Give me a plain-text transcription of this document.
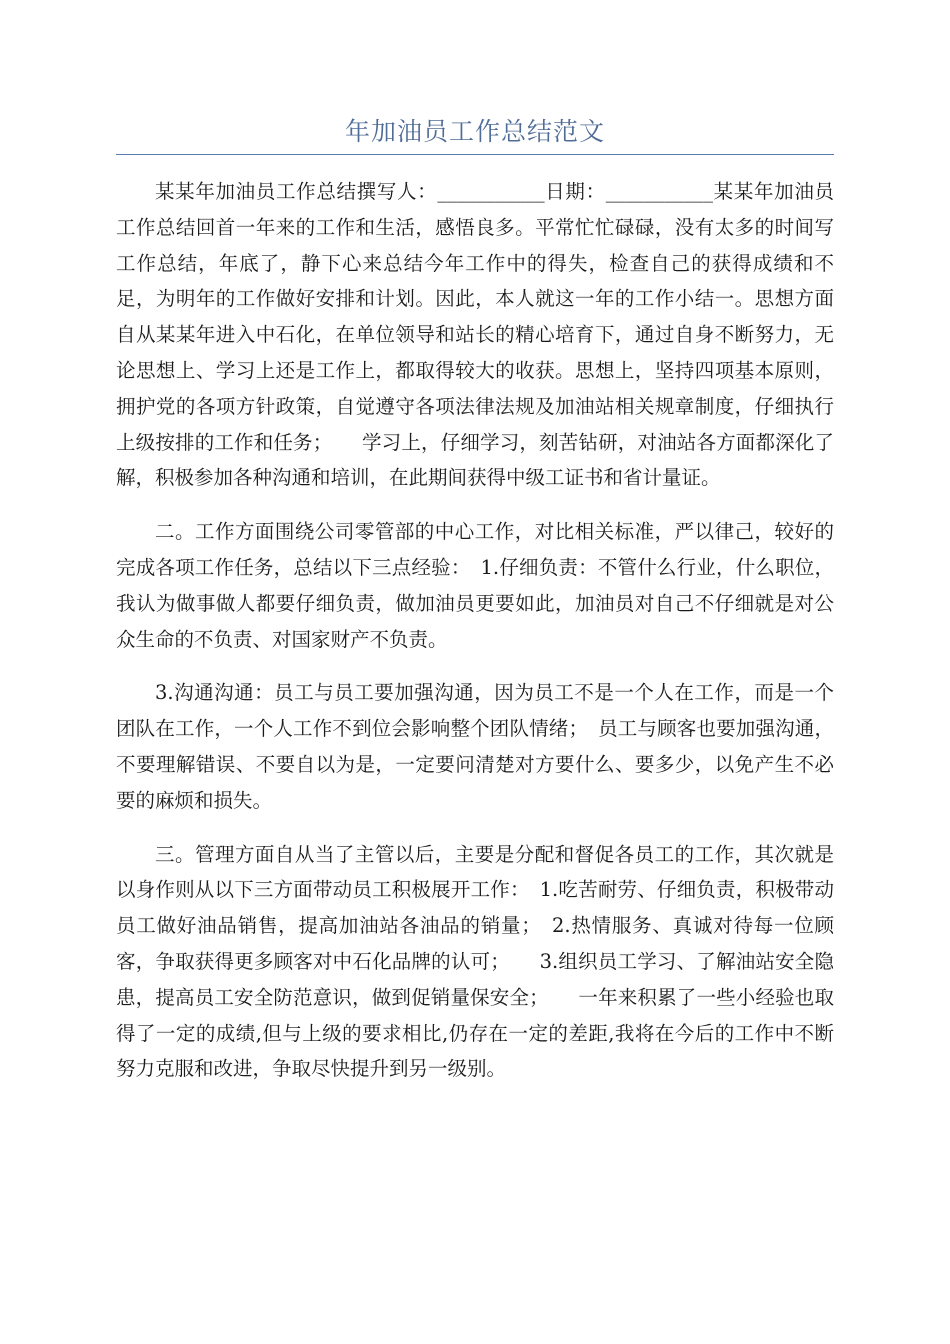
年加油员工作总结范文

某某年加油员工作总结撰写人：___________日期：___________某某年加油员工作总结回首一年来的工作和生活，感悟良多。平常忙忙碌碌，没有太多的时间写工作总结，年底了，静下心来总结今年工作中的得失，检查自己的获得成绩和不足，为明年的工作做好安排和计划。因此，本人就这一年的工作小结一。思想方面自从某某年进入中石化，在单位领导和站长的精心培育下，通过自身不断努力，无论思想上、学习上还是工作上，都取得较大的收获。思想上，坚持四项基本原则，拥护党的各项方针政策，自觉遵守各项法律法规及加油站相关规章制度，仔细执行上级按排的工作和任务；　　学习上，仔细学习，刻苦钻研，对油站各方面都深化了解，积极参加各种沟通和培训，在此期间获得中级工证书和省计量证。

二。工作方面围绕公司零管部的中心工作，对比相关标准，严以律己，较好的完成各项工作任务，总结以下三点经验：　1.仔细负责：不管什么行业，什么职位，我认为做事做人都要仔细负责，做加油员更要如此，加油员对自己不仔细就是对公众生命的不负责、对国家财产不负责。

3.沟通沟通：员工与员工要加强沟通，因为员工不是一个人在工作，而是一个团队在工作，一个人工作不到位会影响整个团队情绪；　员工与顾客也要加强沟通，不要理解错误、不要自以为是，一定要问清楚对方要什么、要多少，以免产生不必要的麻烦和损失。

三。管理方面自从当了主管以后，主要是分配和督促各员工的工作，其次就是以身作则从以下三方面带动员工积极展开工作：　1.吃苦耐劳、仔细负责，积极带动员工做好油品销售，提高加油站各油品的销量；　2.热情服务、真诚对待每一位顾客，争取获得更多顾客对中石化品牌的认可；　　3.组织员工学习、了解油站安全隐患，提高员工安全防范意识，做到促销量保安全；　　一年来积累了一些小经验也取得了一定的成绩,但与上级的要求相比,仍存在一定的差距,我将在今后的工作中不断努力克服和改进，争取尽快提升到另一级别。
